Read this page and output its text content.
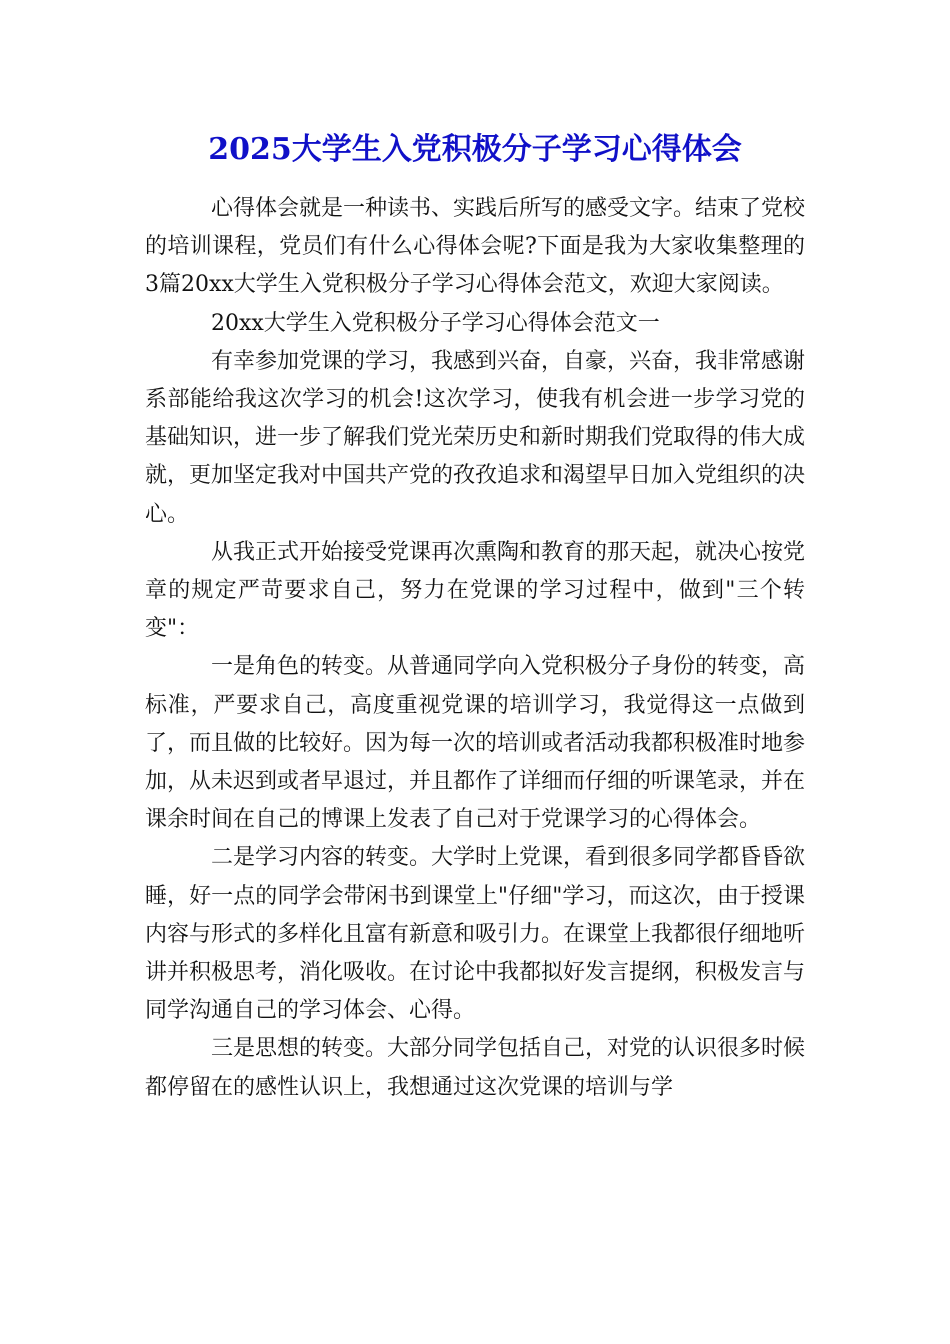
2025大学生入党积极分子学习心得体会

心得体会就是一种读书、实践后所写的感受文字。结束了党校的培训课程，党员们有什么心得体会呢?下面是我为大家收集整理的3篇20xx大学生入党积极分子学习心得体会范文，欢迎大家阅读。

20xx大学生入党积极分子学习心得体会范文一

有幸参加党课的学习，我感到兴奋，自豪，兴奋，我非常感谢系部能给我这次学习的机会!这次学习，使我有机会进一步学习党的基础知识，进一步了解我们党光荣历史和新时期我们党取得的伟大成就，更加坚定我对中国共产党的孜孜追求和渴望早日加入党组织的决心。

从我正式开始接受党课再次熏陶和教育的那天起，就决心按党章的规定严苛要求自己，努力在党课的学习过程中，做到"三个转变"：

一是角色的转变。从普通同学向入党积极分子身份的转变，高标准，严要求自己，高度重视党课的培训学习，我觉得这一点做到了，而且做的比较好。因为每一次的培训或者活动我都积极准时地参加，从未迟到或者早退过，并且都作了详细而仔细的听课笔录，并在课余时间在自己的博课上发表了自己对于党课学习的心得体会。

二是学习内容的转变。大学时上党课，看到很多同学都昏昏欲睡，好一点的同学会带闲书到课堂上"仔细"学习，而这次，由于授课内容与形式的多样化且富有新意和吸引力。在课堂上我都很仔细地听讲并积极思考，消化吸收。在讨论中我都拟好发言提纲，积极发言与同学沟通自己的学习体会、心得。

三是思想的转变。大部分同学包括自己，对党的认识很多时候都停留在的感性认识上，我想通过这次党课的培训与学
